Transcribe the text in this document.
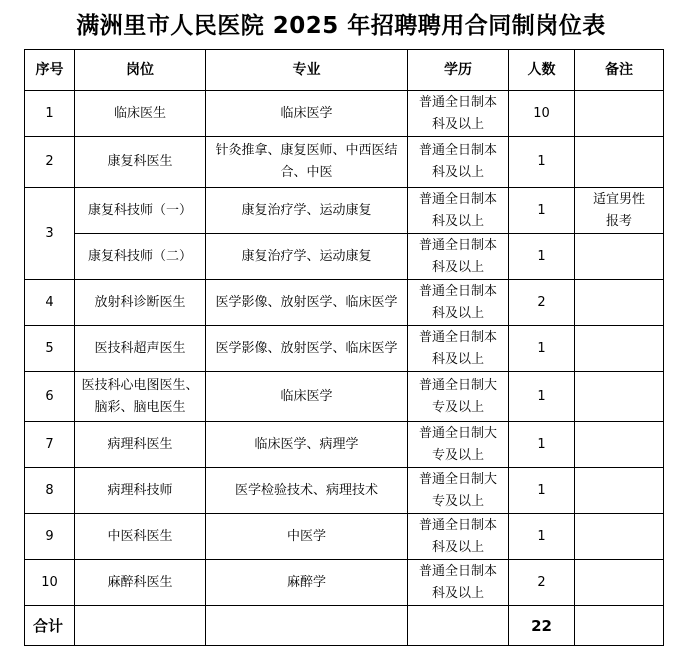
满洲里市人民医院 2025 年招聘聘用合同制岗位表
序号	岗位	专业	学历	人数	备注
1	临床医生	临床医学	普通全日制本
科及以上	10	
2	康复科医生	针灸推拿、康复医师、中西医结
合、中医	普通全日制本
科及以上	1	
3	康复科技师（一）	康复治疗学、运动康复	普通全日制本
科及以上	1	适宜男性
报考
	康复科技师（二）	康复治疗学、运动康复	普通全日制本
科及以上	1	
4	放射科诊断医生	医学影像、放射医学、临床医学	普通全日制本
科及以上	2	
5	医技科超声医生	医学影像、放射医学、临床医学	普通全日制本
科及以上	1	
6	医技科心电图医生、
脑彩、脑电医生	临床医学	普通全日制大
专及以上	1	
7	病理科医生	临床医学、病理学	普通全日制大
专及以上	1	
8	病理科技师	医学检验技术、病理技术	普通全日制大
专及以上	1	
9	中医科医生	中医学	普通全日制本
科及以上	1	
10	麻醉科医生	麻醉学	普通全日制本
科及以上	2	
合计				22	
